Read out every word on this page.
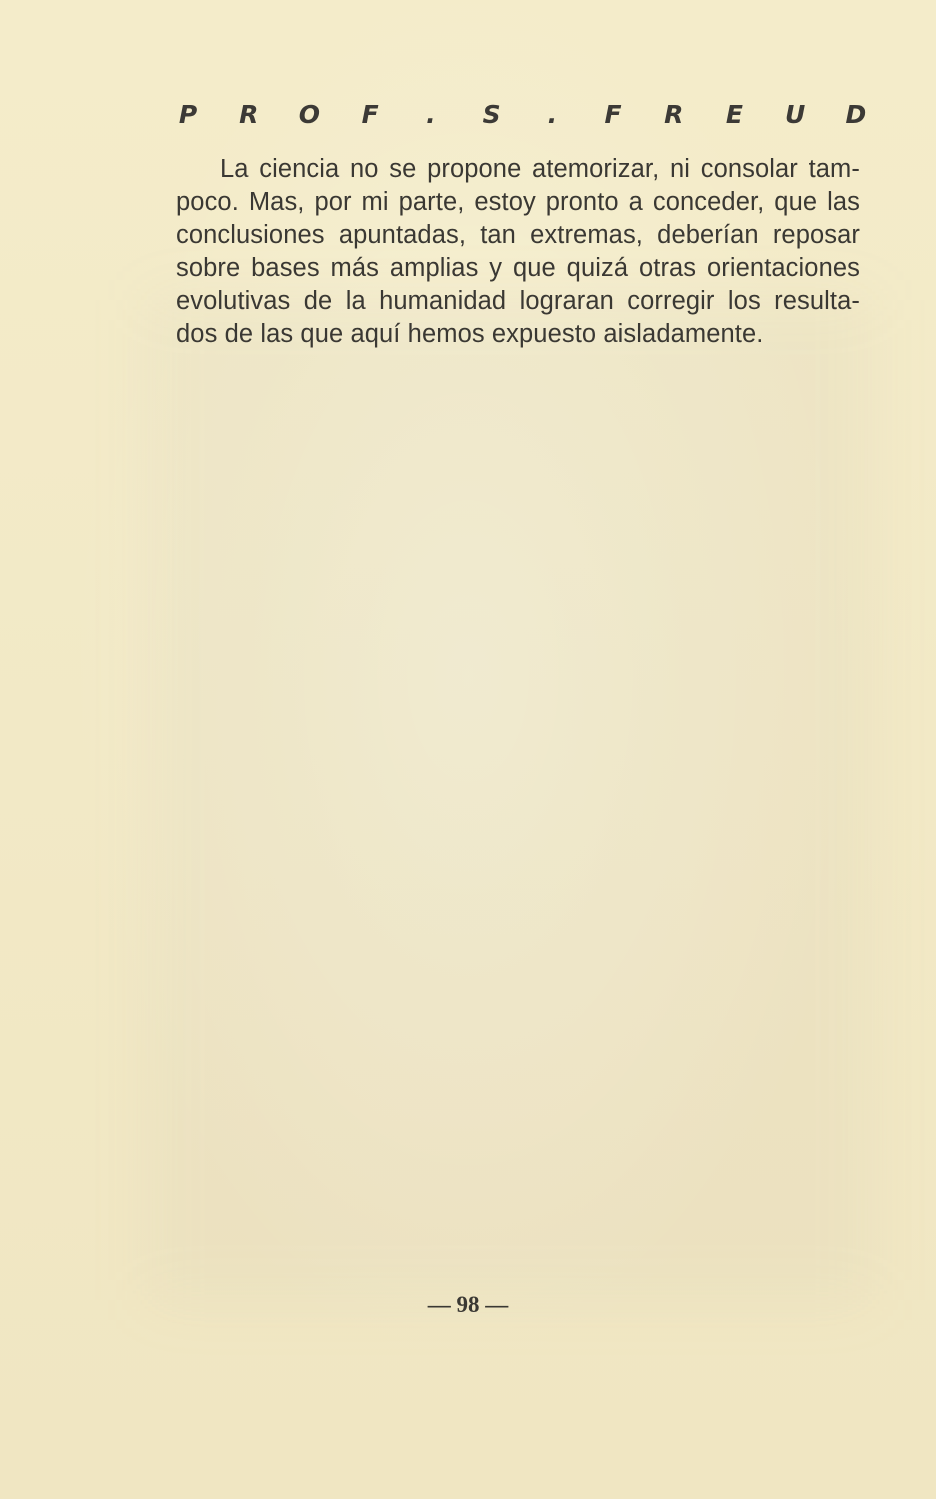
P R O F . S . F R E U D

La ciencia no se propone atemorizar, ni consolar tam-
poco. Mas, por mi parte, estoy pronto a conceder, que las
conclusiones apuntadas, tan extremas, deberían reposar
sobre bases más amplias y que quizá otras orientaciones
evolutivas de la humanidad lograran corregir los resulta-
dos de las que aquí hemos expuesto aisladamente.

— 98 —
